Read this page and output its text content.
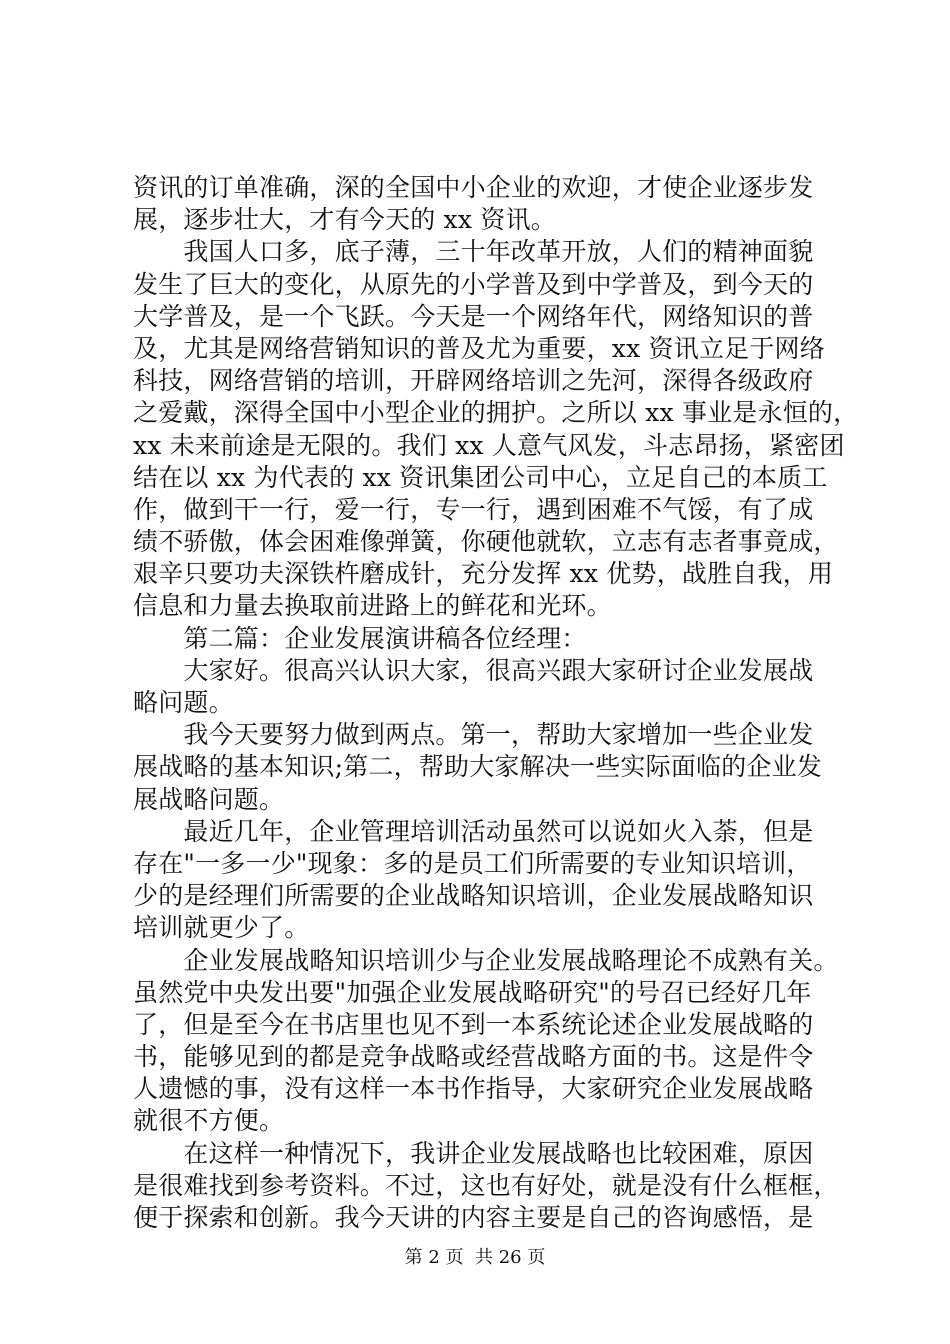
资讯的订单准确，深的全国中小企业的欢迎，才使企业逐步发
展，逐步壮大，才有今天的 xx 资讯。
　　我国人口多，底子薄，三十年改革开放，人们的精神面貌
发生了巨大的变化，从原先的小学普及到中学普及，到今天的
大学普及，是一个飞跃。今天是一个网络年代，网络知识的普
及，尤其是网络营销知识的普及尤为重要，xx 资讯立足于网络
科技，网络营销的培训，开辟网络培训之先河，深得各级政府
之爱戴，深得全国中小型企业的拥护。之所以 xx 事业是永恒的，
xx 未来前途是无限的。我们 xx 人意气风发，斗志昂扬，紧密团
结在以 xx 为代表的 xx 资讯集团公司中心，立足自己的本质工
作，做到干一行，爱一行，专一行，遇到困难不气馁，有了成
绩不骄傲，体会困难像弹簧，你硬他就软，立志有志者事竟成，
艰辛只要功夫深铁杵磨成针，充分发挥 xx 优势，战胜自我，用
信息和力量去换取前进路上的鲜花和光环。
　　第二篇：企业发展演讲稿各位经理：
　　大家好。很高兴认识大家，很高兴跟大家研讨企业发展战
略问题。
　　我今天要努力做到两点。第一，帮助大家增加一些企业发
展战略的基本知识;第二，帮助大家解决一些实际面临的企业发
展战略问题。
　　最近几年，企业管理培训活动虽然可以说如火入荼，但是
存在"一多一少"现象：多的是员工们所需要的专业知识培训，
少的是经理们所需要的企业战略知识培训，企业发展战略知识
培训就更少了。
　　企业发展战略知识培训少与企业发展战略理论不成熟有关。
虽然党中央发出要"加强企业发展战略研究"的号召已经好几年
了，但是至今在书店里也见不到一本系统论述企业发展战略的
书，能够见到的都是竞争战略或经营战略方面的书。这是件令
人遗憾的事，没有这样一本书作指导，大家研究企业发展战略
就很不方便。
　　在这样一种情况下，我讲企业发展战略也比较困难，原因
是很难找到参考资料。不过，这也有好处，就是没有什么框框，
便于探索和创新。我今天讲的内容主要是自己的咨询感悟，是
第 2 页  共 26 页
